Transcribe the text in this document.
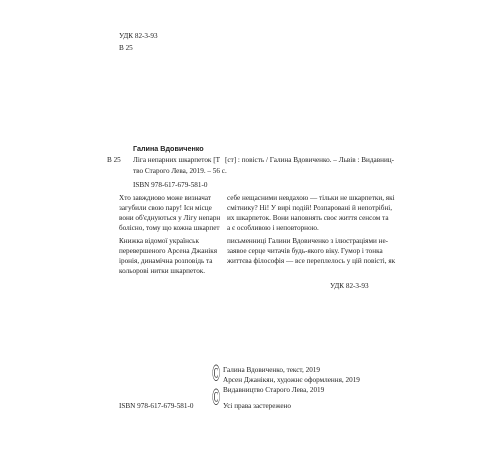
УДК 82-3-93
В 25
Галина Вдовиченко
В 25 Ліга непарних шкарпеток [Т [ст] : повість / Галина Вдовиченко. – Львів : Видавниц-
тво Старого Лева, 2019. – 56 с.
ISBN 978-617-679-581-0
Хто завждиово може визначат
загубили свою пару! Існ місце
вони об'єднуються у Лігу непарн
болісно, тому що кожна шкарпет
Книжка відомої українськ
перевершеного Арсена Джанікя
іронія, динамічна розповідь та
кольорові нитки шкарпеток.
себе нещасними невдахою — тільки не шкарпетки, які
смітнику? Ні! У вирі подій! Розпаровані й непотрібні,
их шкарпеток. Вони наповнять своє життя сенсом та
а є особливою і неповторною.
письменниці Галини Вдовиченко з ілюстраціями не-
заявое серце читачів будь-якого віку. Гумор і тонка
життєва філософія — все переплелось у цій повісті, як
УДК 82-3-93
©
©

Галина Вдовиченко, текст, 2019
Арсен Джанікян, художнє оформлення, 2019
Видавництво Старого Лева, 2019
ISBN 978-617-679-581-0	Усі права застережено
